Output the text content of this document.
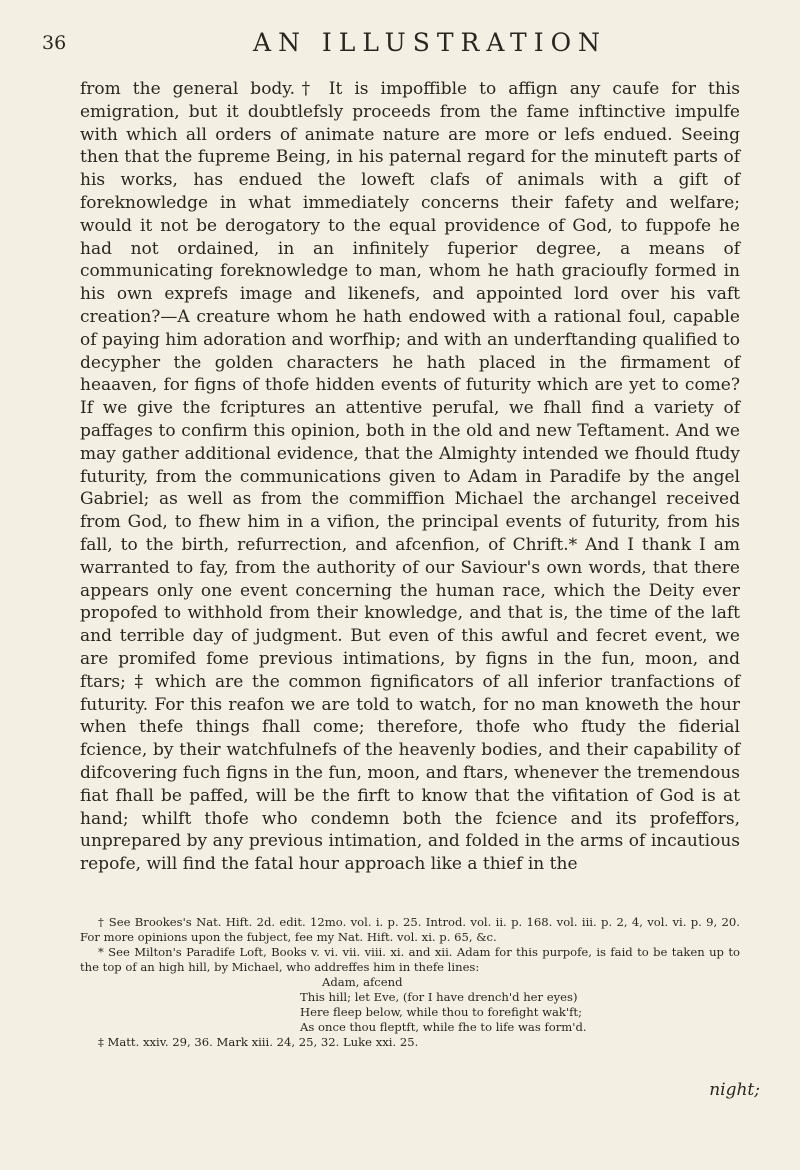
36	AN ILLUSTRATION

from the general body.† It is impoffible to affign any caufe for this emigration, but it doubtlefsly proceeds from the fame inftinctive impulfe with which all orders of animate nature are more or lefs endued. Seeing then that the fupreme Being, in his paternal regard for the minuteft parts of his works, has endued the loweft clafs of animals with a gift of foreknowledge in what immediately concerns their fafety and welfare; would it not be derogatory to the equal providence of God, to fuppofe he had not ordained, in an infinitely fuperior degree, a means of communicating foreknowledge to man, whom he hath gracioufly formed in his own exprefs image and likenefs, and appointed lord over his vaft creation?—A creature whom he hath endowed with a rational foul, capable of paying him adoration and worfhip; and with an underftanding qualified to decypher the golden characters he hath placed in the firmament of heaaven, for figns of thofe hidden events of futurity which are yet to come? If we give the fcriptures an attentive perufal, we fhall find a variety of paffages to confirm this opinion, both in the old and new Teftament. And we may gather additional evidence, that the Almighty intended we fhould ftudy futurity, from the communications given to Adam in Paradife by the angel Gabriel; as well as from the commiffion Michael the archangel received from God, to fhew him in a vifion, the principal events of futurity, from his fall, to the birth, refurrection, and afcenfion, of Chrift.* And I thank I am warranted to fay, from the authority of our Saviour's own words, that there appears only one event concerning the human race, which the Deity ever propofed to withhold from their knowledge, and that is, the time of the laft and terrible day of judgment. But even of this awful and fecret event, we are promifed fome previous intimations, by figns in the fun, moon, and ftars; ‡ which are the common fignificators of all inferior tranfactions of futurity. For this reafon we are told to watch, for no man knoweth the hour when thefe things fhall come; therefore, thofe who ftudy the fiderial fcience, by their watchfulnefs of the heavenly bodies, and their capability of difcovering fuch figns in the fun, moon, and ftars, whenever the tremendous fiat fhall be paffed, will be the firft to know that the vifitation of God is at hand; whilft thofe who condemn both the fcience and its profeffors, unprepared by any previous intimation, and folded in the arms of incautious repofe, will find the fatal hour approach like a thief in the

† See Brookes's Nat. Hift. 2d. edit. 12mo. vol. i. p. 25. Introd. vol. ii. p. 168. vol. iii. p. 2, 4, vol. vi. p. 9, 20. For more opinions upon the fubject, fee my Nat. Hift. vol. xi. p. 65, &c.

* See Milton's Paradife Loft, Books v. vi. vii. viii. xi. and xii. Adam for this purpofe, is faid to be taken up to the top of an high hill, by Michael, who addreffes him in thefe lines:

Adam, afcend
This hill; let Eve, (for I have drench'd her eyes)
Here fleep below, while thou to forefight wak'ft;
As once thou fleptft, while fhe to life was form'd.

‡ Matt. xxiv. 29, 36. Mark xiii. 24, 25, 32. Luke xxi. 25.

night;
